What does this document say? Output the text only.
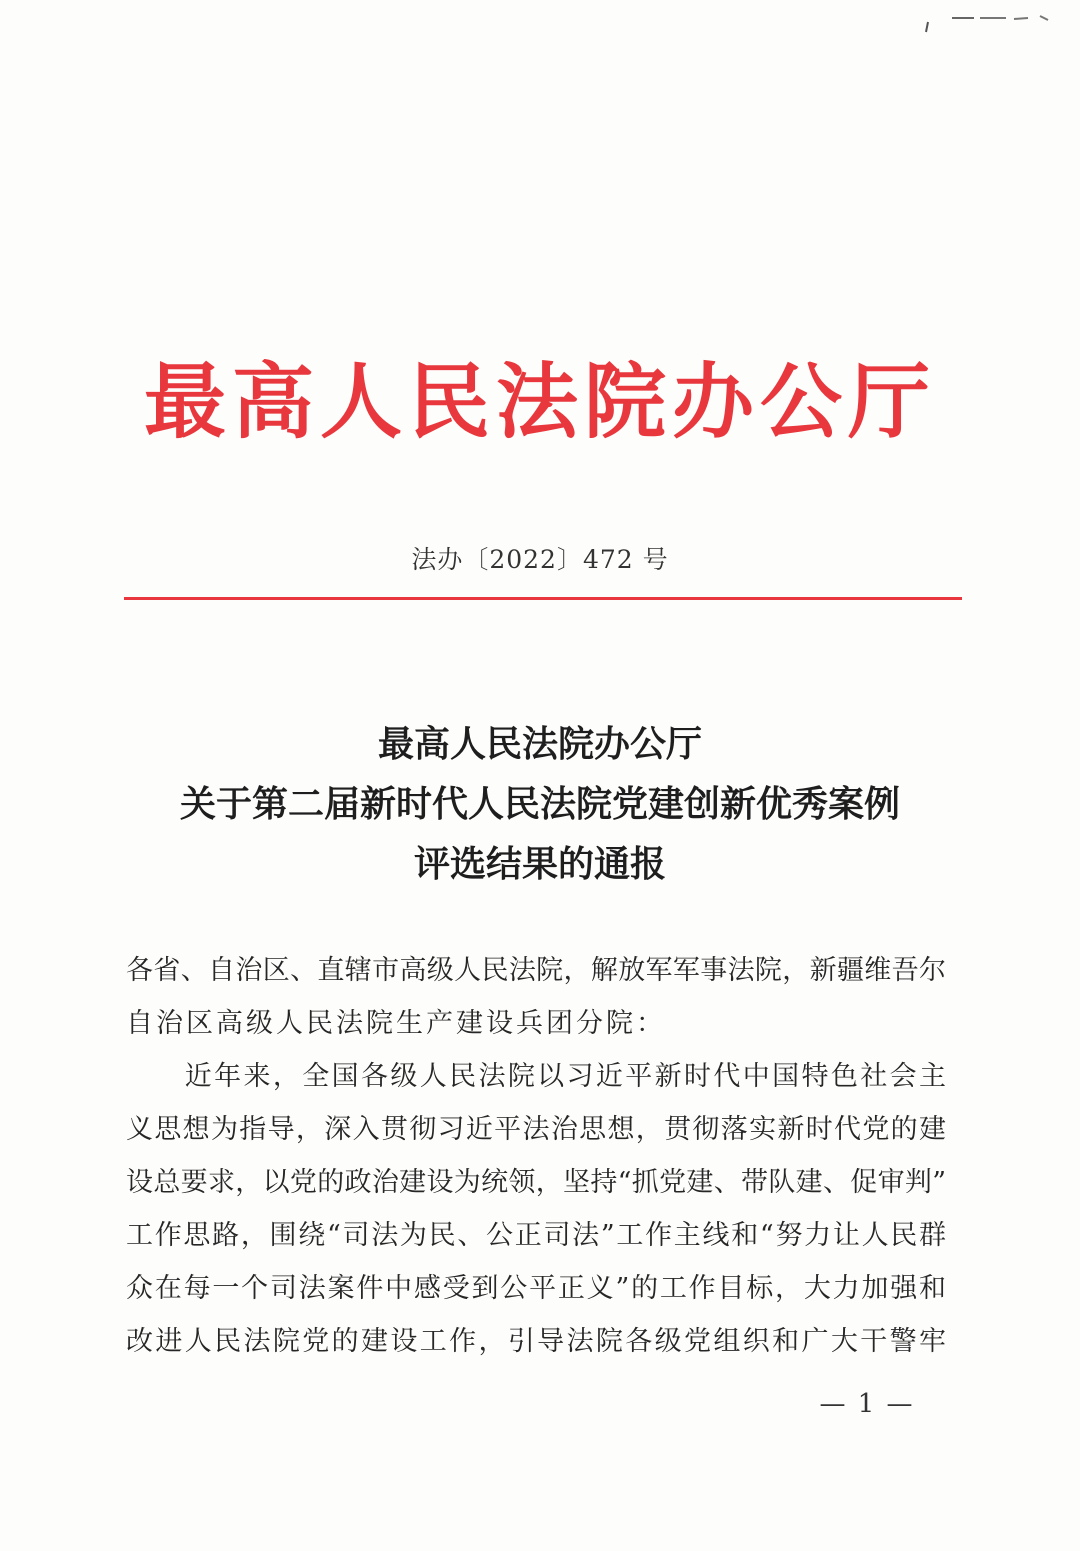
最高人民法院办公厅
法办〔2022〕472 号
最高人民法院办公厅
关于第二届新时代人民法院党建创新优秀案例
评选结果的通报
各省、自治区、直辖市高级人民法院，解放军军事法院，新疆维吾尔
自治区高级人民法院生产建设兵团分院：
　　近年来，全国各级人民法院以习近平新时代中国特色社会主
义思想为指导，深入贯彻习近平法治思想，贯彻落实新时代党的建
设总要求，以党的政治建设为统领，坚持“抓党建、带队建、促审判”
工作思路，围绕“司法为民、公正司法”工作主线和“努力让人民群
众在每一个司法案件中感受到公平正义”的工作目标，大力加强和
改进人民法院党的建设工作，引导法院各级党组织和广大干警牢
— 1 —
